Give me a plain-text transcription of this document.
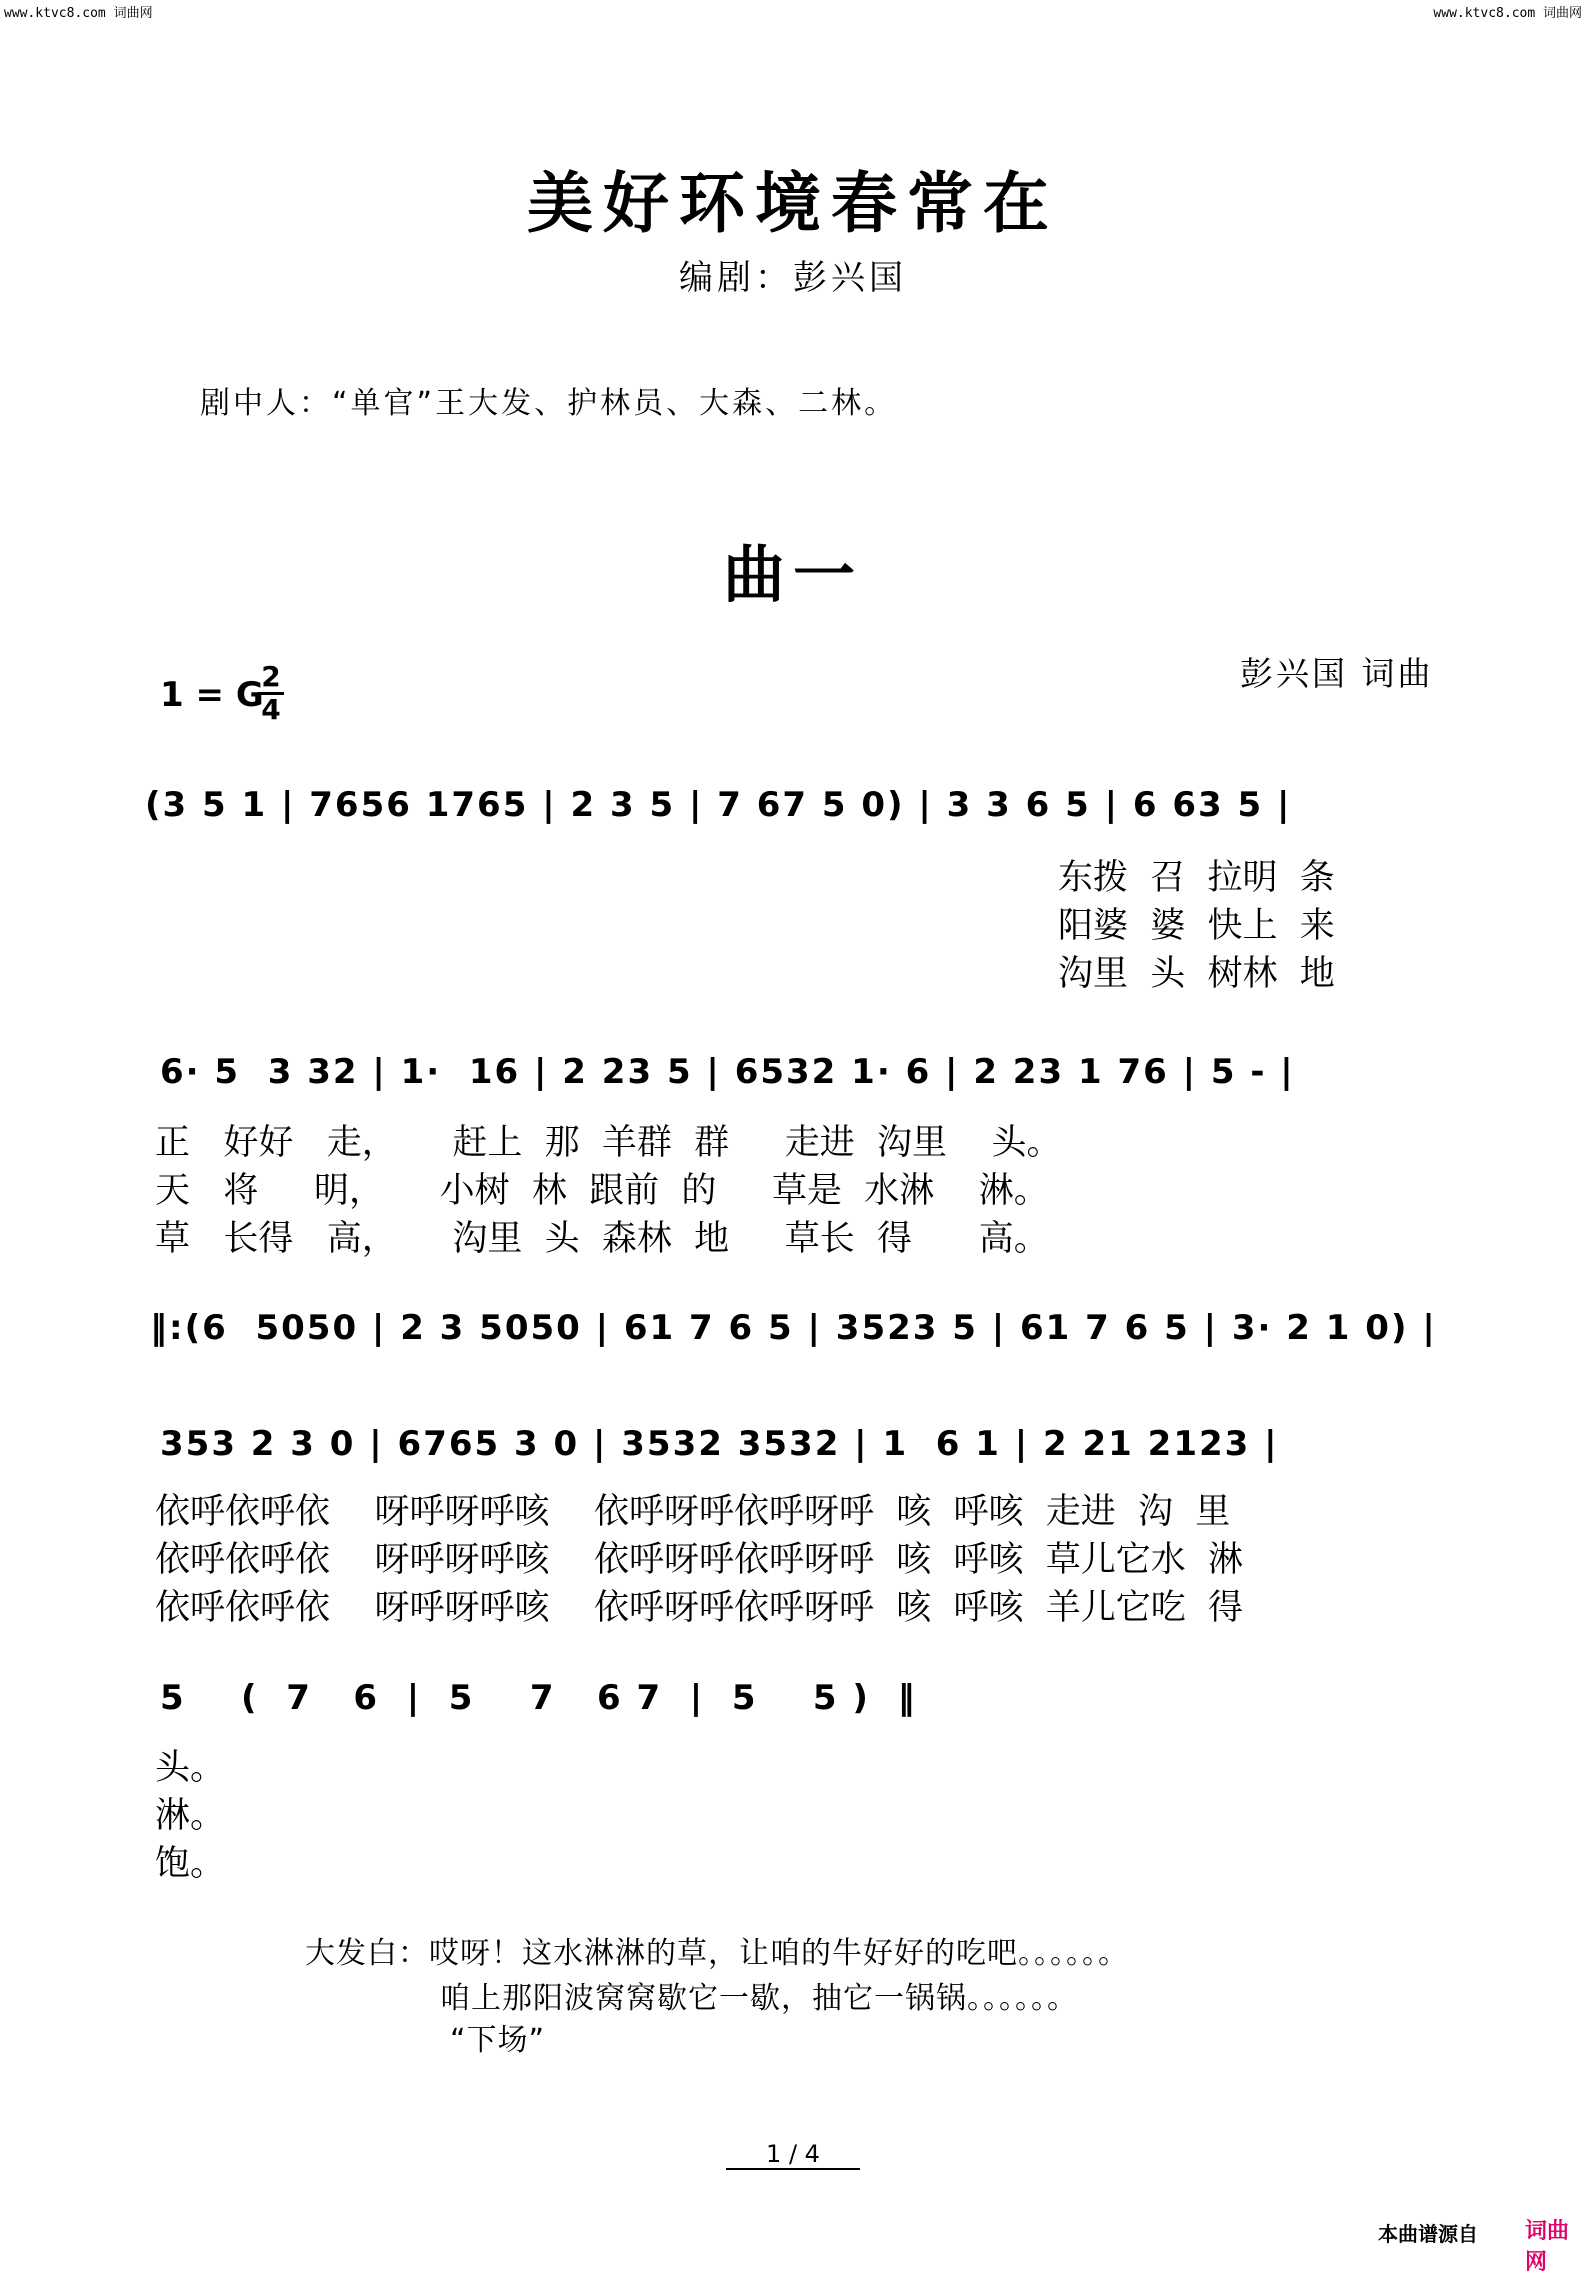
www.ktvc8.com 词曲网	www.ktvc8.com 词曲网
美好环境春常在
编剧：彭兴国
剧中人：“单官”王大发、护林员、大森、二林。
曲一
彭兴国 词曲
1 = G
2
4
(3 5 1 | 7656 1765 | 2 3 5 | 7 67 5 0) | 3 3 6 5 | 6 63 5 |
东拨  召  拉明  条
阳婆  婆  快上  来
沟里  头  树林  地
6· 5  3 32 | 1·  16 | 2 23 5 | 6532 1· 6 | 2 23 1 76 | 5 - |
正   好好   走，     赶上  那  羊群  群     走进  沟里    头。
天   将     明，     小树  林  跟前  的     草是  水淋    淋。
草   长得   高，     沟里  头  森林  地     草长  得      高。
‖:(6  5050 | 2 3 5050 | 61 7 6 5 | 3523 5 | 61 7 6 5 | 3· 2 1 0) |
353 2 3 0 | 6765 3 0 | 3532 3532 | 1  6 1 | 2 21 2123 |
依呼依呼依    呀呼呀呼咳    依呼呀呼依呼呀呼  咳  呼咳  走进  沟  里
依呼依呼依    呀呼呀呼咳    依呼呀呼依呼呀呼  咳  呼咳  草儿它水  淋
依呼依呼依    呀呼呀呼咳    依呼呀呼依呼呀呼  咳  呼咳  羊儿它吃  得
5    (  7   6  |  5    7   6 7  |  5    5 )  ‖
头。
淋。
饱。
大发白：哎呀！这水淋淋的草，让咱的牛好好的吃吧。。。。。。
咱上那阳波窝窝歇它一歇，抽它一锅锅。。。。。。
“下场”
1 / 4
本曲谱源自 词曲网
